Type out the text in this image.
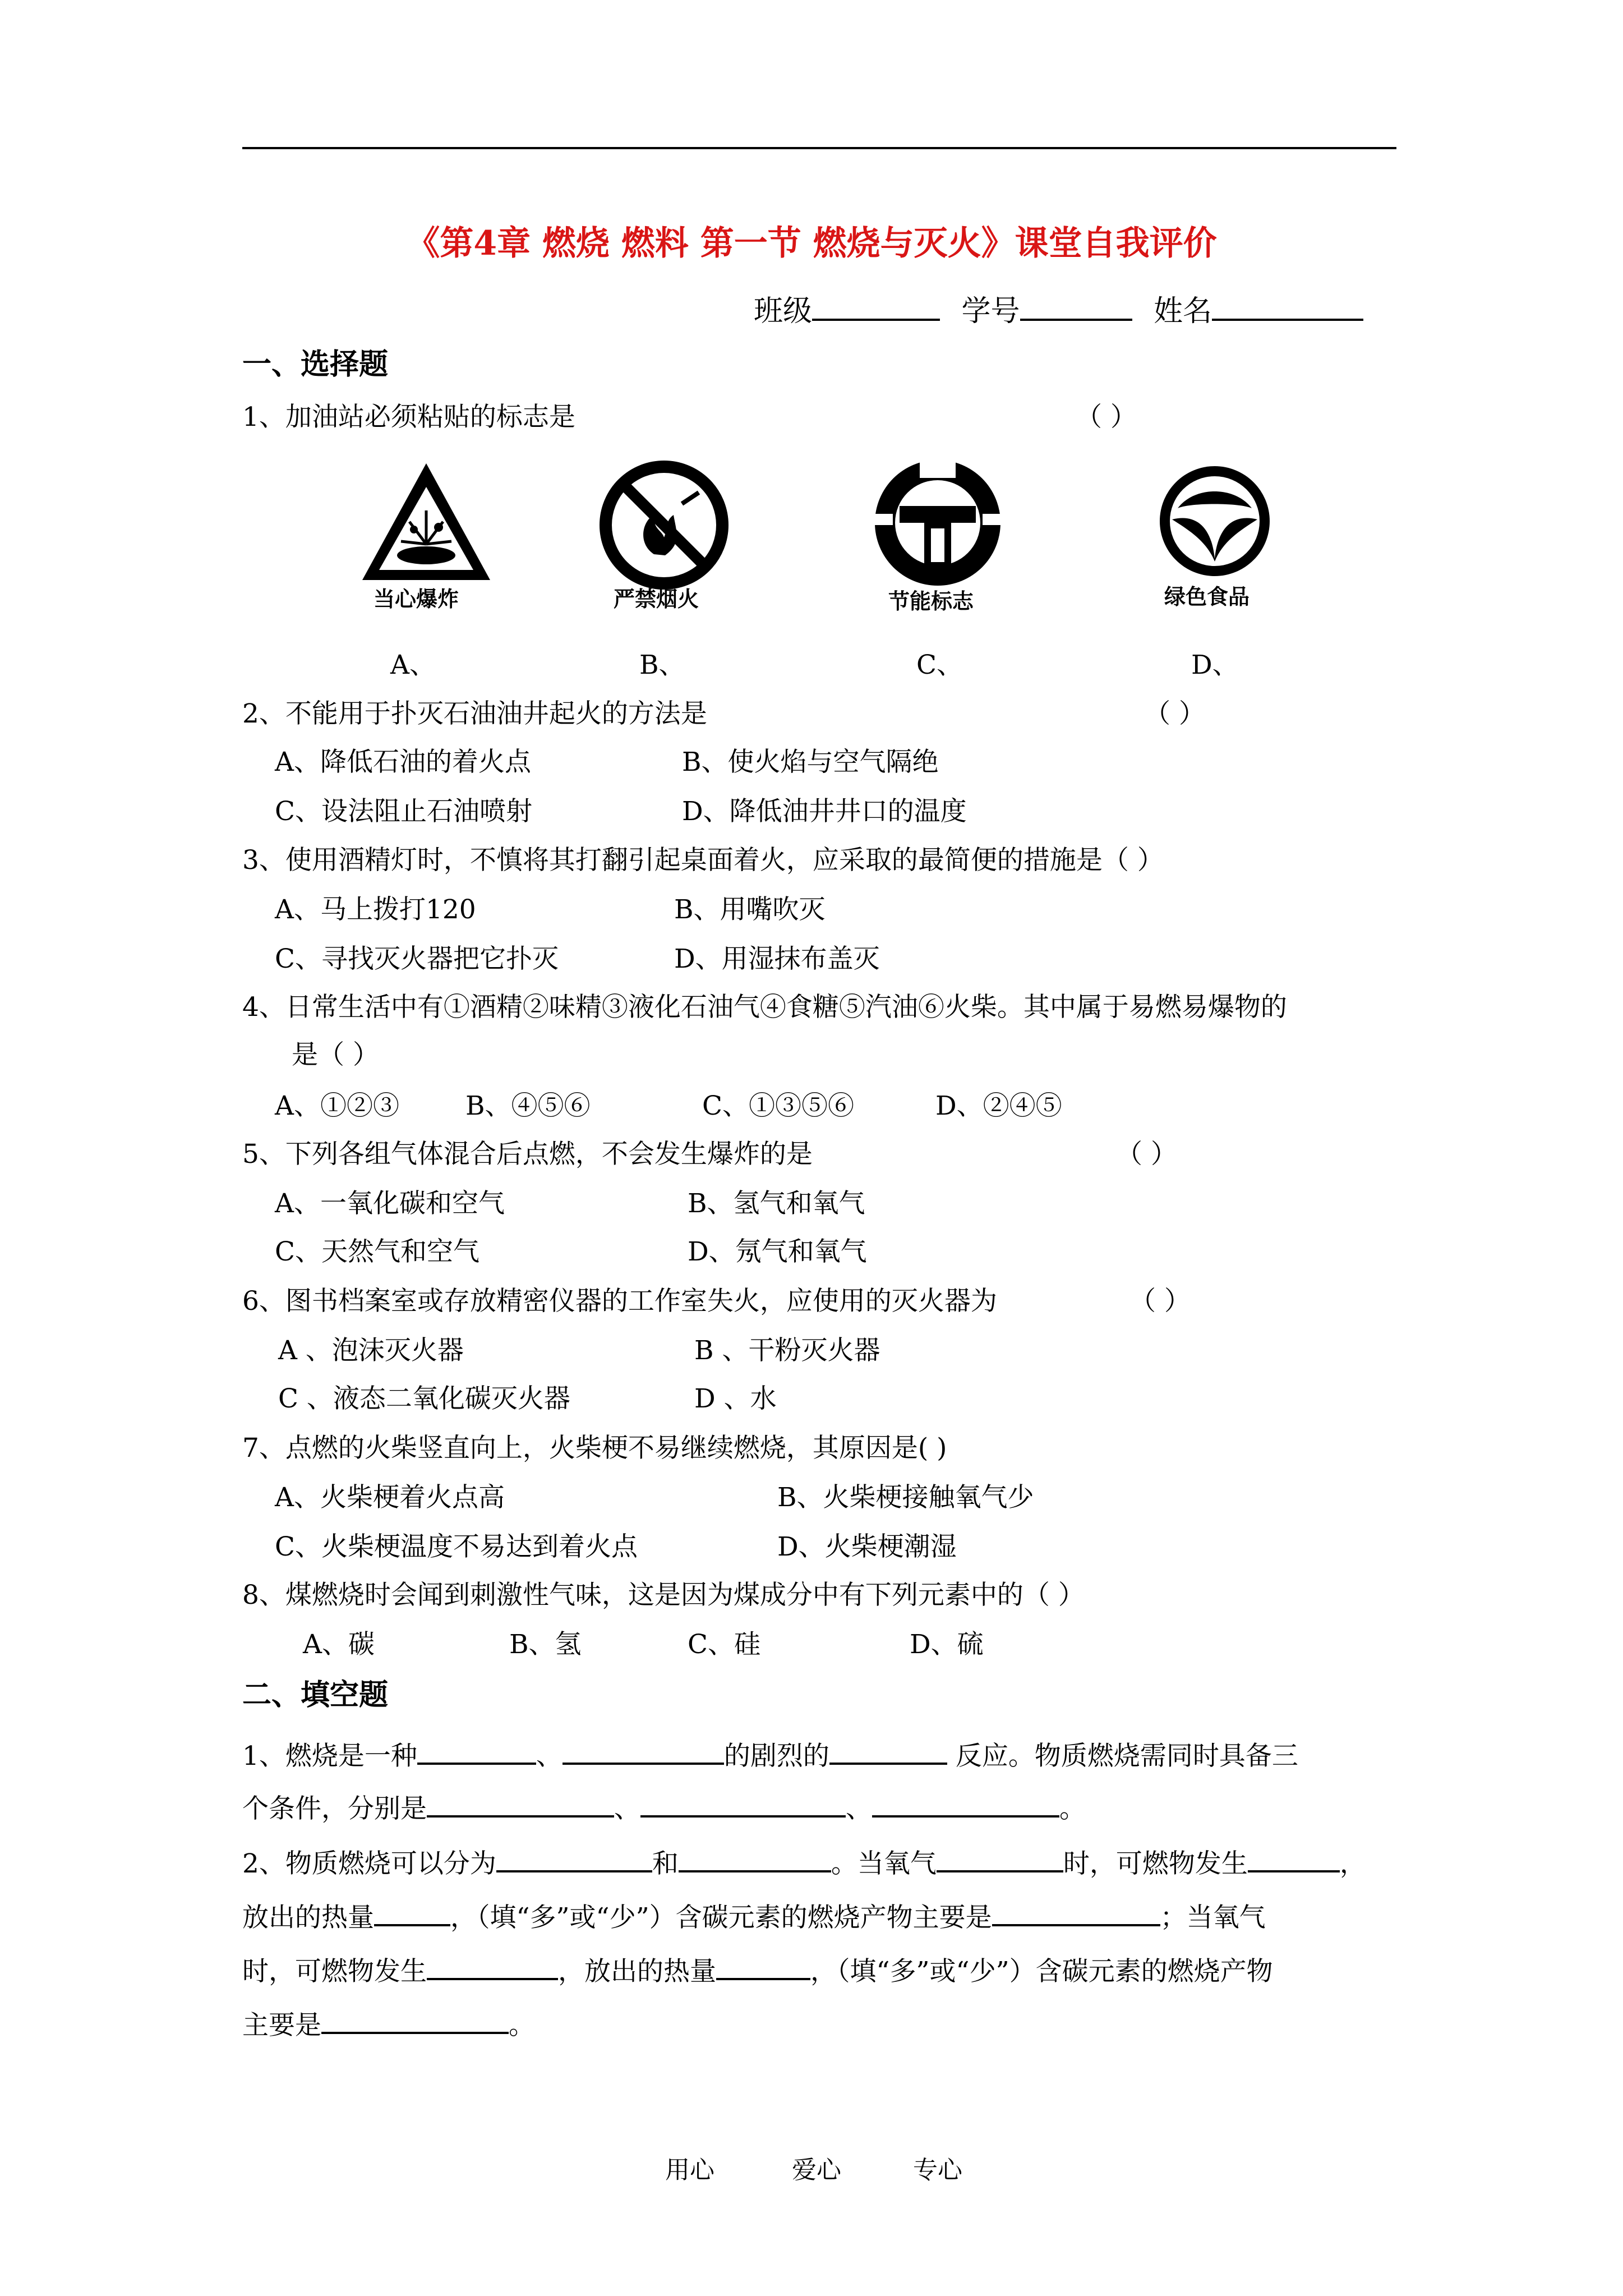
《第4章 燃烧 燃料 第一节 燃烧与灭火》课堂自我评价
班级	学号	姓名
一、选择题
1、加油站必须粘贴的标志是	（ ）
当心爆炸	严禁烟火	节能标志	绿色食品
A、	B、	C、	D、
2、不能用于扑灭石油油井起火的方法是	（ ）
A、降低石油的着火点	B、使火焰与空气隔绝
C、设法阻止石油喷射	D、降低油井井口的温度
3、使用酒精灯时，不慎将其打翻引起桌面着火，应采取的最简便的措施是（ ）
A、马上拨打120	B、用嘴吹灭
C、寻找灭火器把它扑灭	D、用湿抹布盖灭
4、日常生活中有①酒精②味精③液化石油气④食糖⑤汽油⑥火柴。其中属于易燃易爆物的
是（ ）
A、①②③	B、④⑤⑥	C、①③⑤⑥	D、②④⑤
5、下列各组气体混合后点燃，不会发生爆炸的是	（ ）
A、一氧化碳和空气	B、氢气和氧气
C、天然气和空气	D、氖气和氧气
6、图书档案室或存放精密仪器的工作室失火，应使用的灭火器为	（ ）
A 、泡沫灭火器	B 、干粉灭火器
C 、液态二氧化碳灭火器	D 、水
7、点燃的火柴竖直向上，火柴梗不易继续燃烧，其原因是( )
A、火柴梗着火点高	B、火柴梗接触氧气少
C、火柴梗温度不易达到着火点	D、火柴梗潮湿
8、煤燃烧时会闻到刺激性气味，这是因为煤成分中有下列元素中的（ ）
A、碳	B、氢	C、硅	D、硫
二、填空题
1、燃烧是一种	、	的剧烈的	反应。物质燃烧需同时具备三
个条件，分别是	、	、	。
2、物质燃烧可以分为	和	。当氧气	时，可燃物发生	，
放出的热量	，（填“多”或“少”）含碳元素的燃烧产物主要是	；当氧气
时，可燃物发生	，放出的热量	，（填“多”或“少”）含碳元素的燃烧产物
主要是	。
用心	爱心	专心
